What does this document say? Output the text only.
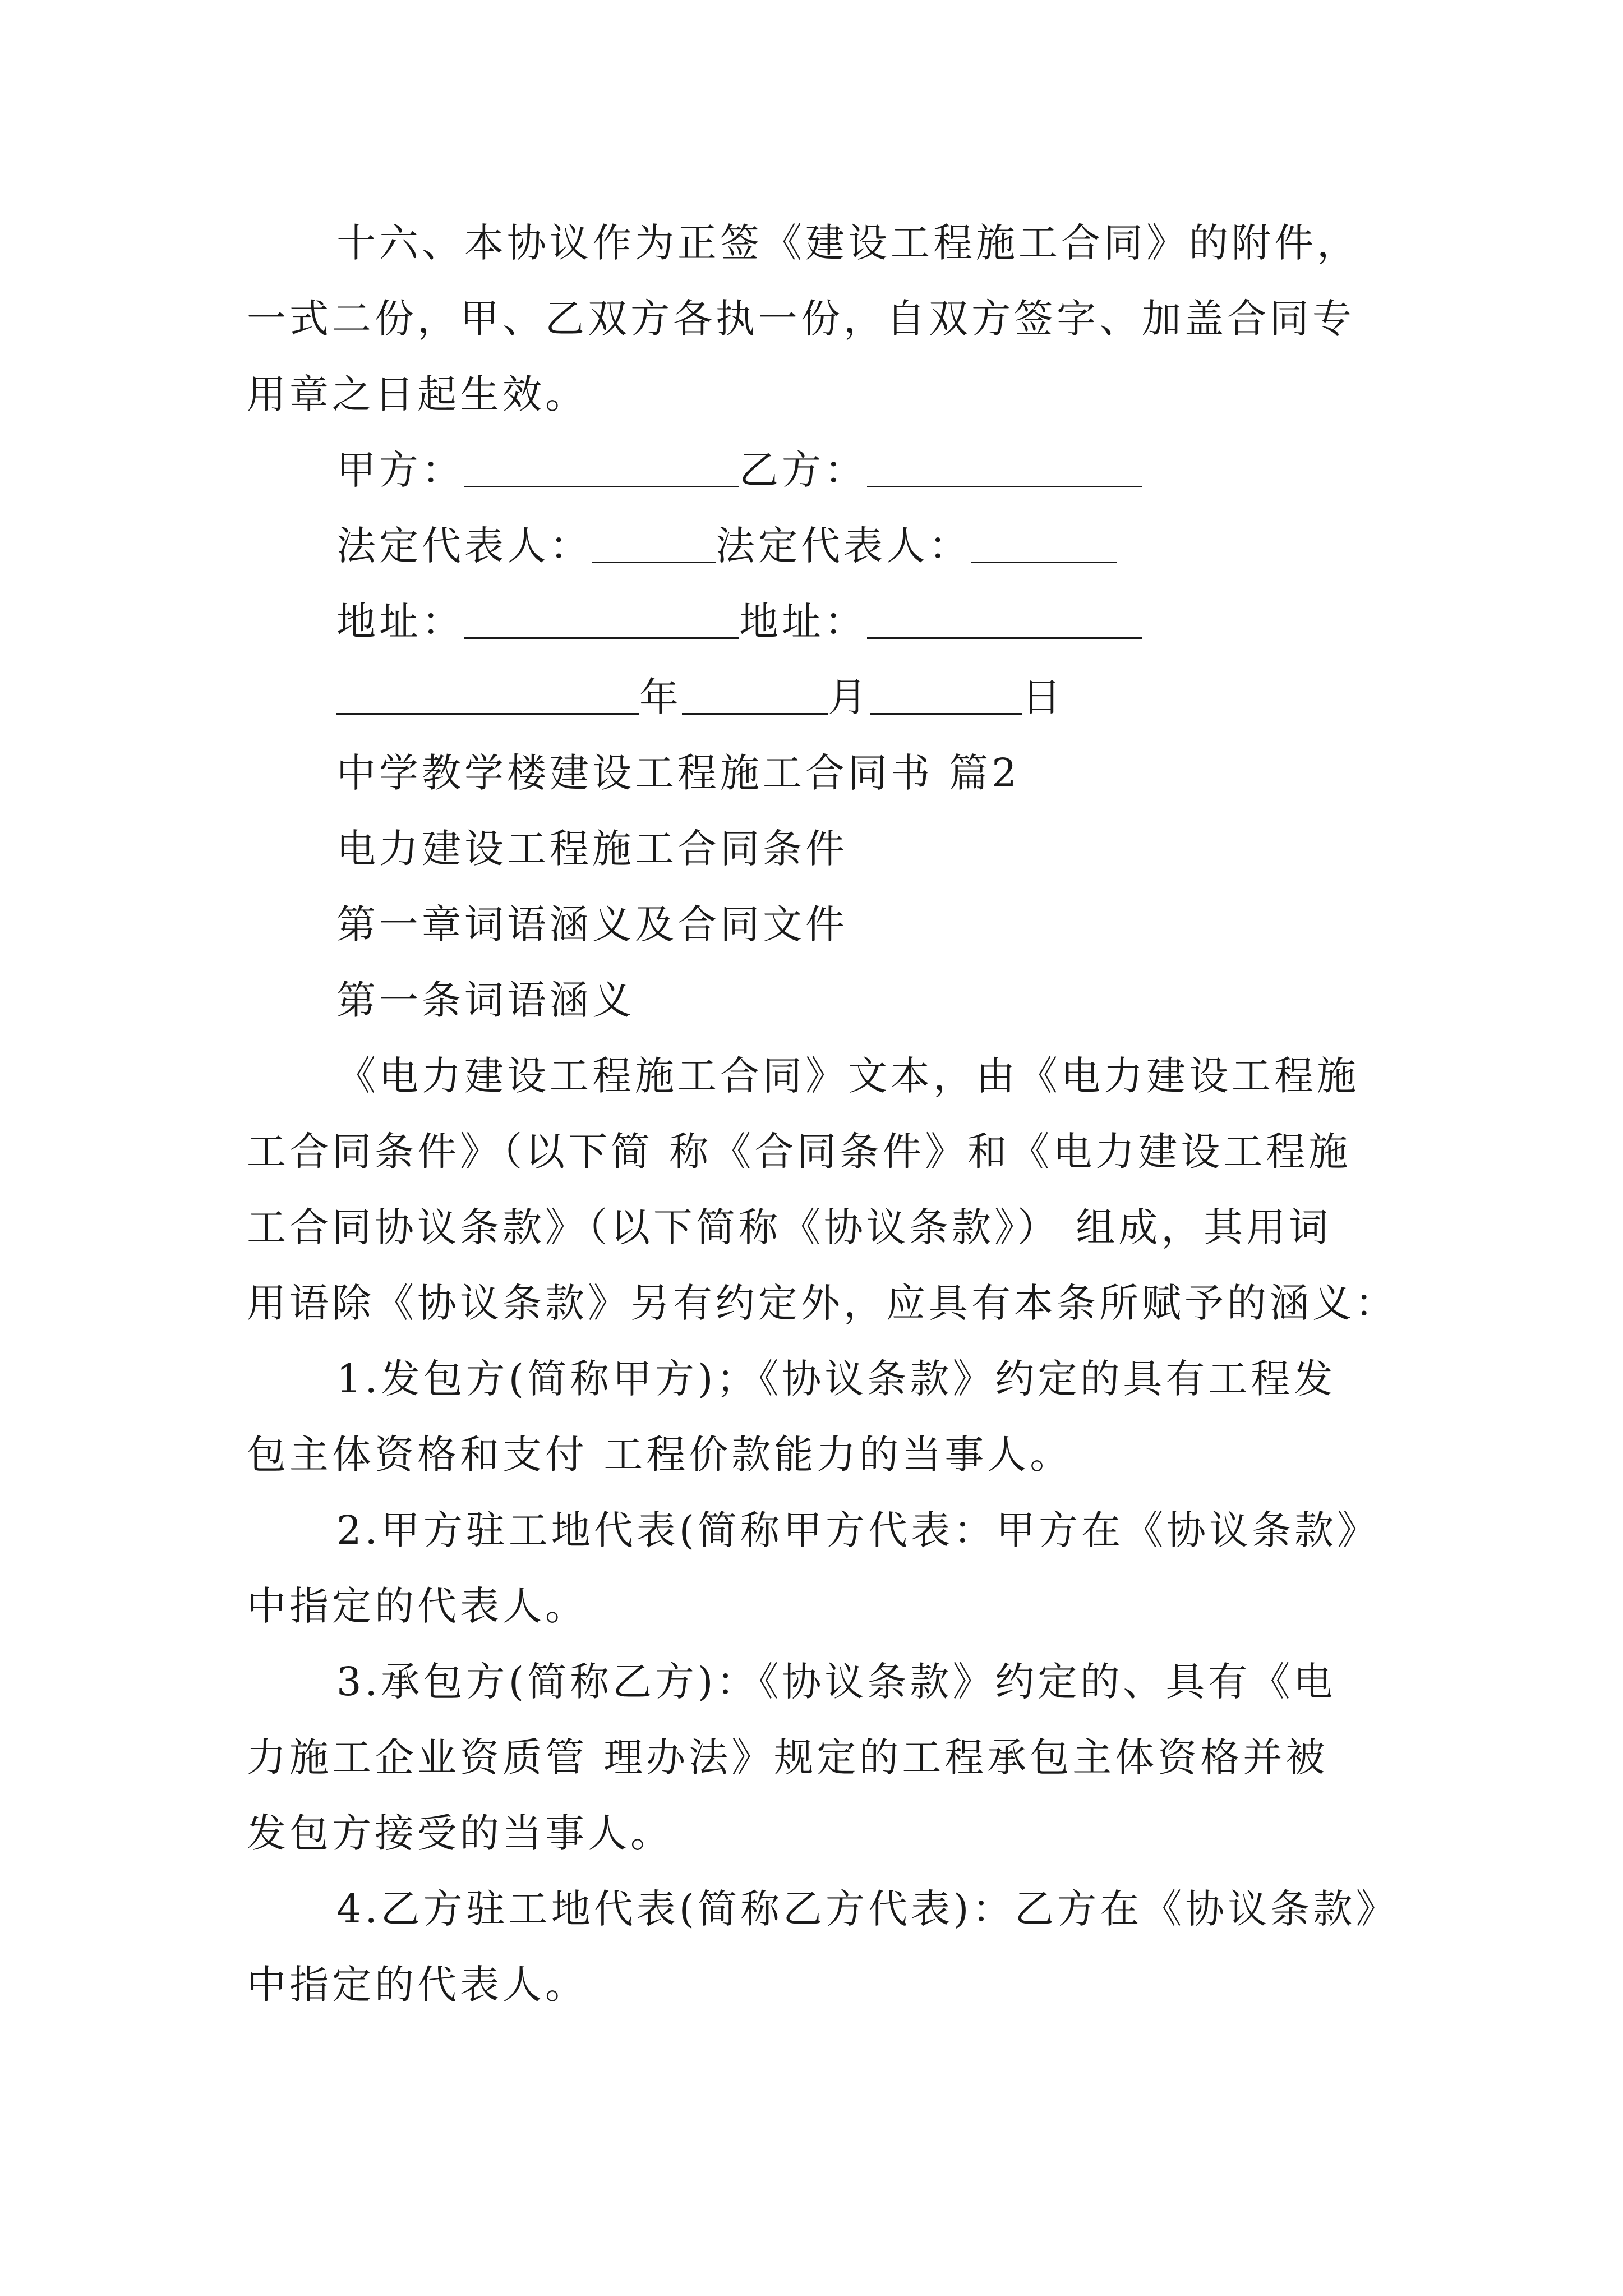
十六、本协议作为正签《建设工程施工合同》的附件，

一式二份，甲、乙双方各执一份，自双方签字、加盖合同专

用章之日起生效。

甲方：	乙方：
法定代表人：	法定代表人：
地址：	地址：
年	月	日

中学教学楼建设工程施工合同书 篇2

电力建设工程施工合同条件

第一章词语涵义及合同文件

第一条词语涵义

《电力建设工程施工合同》文本，由《电力建设工程施

工合同条件》（以下简 称《合同条件》和《电力建设工程施

工合同协议条款》（以下简称《协议条款》） 组成，其用词

用语除《协议条款》另有约定外，应具有本条所赋予的涵义：

1.发包方(简称甲方)；《协议条款》约定的具有工程发

包主体资格和支付 工程价款能力的当事人。

2.甲方驻工地代表(简称甲方代表：甲方在《协议条款》

中指定的代表人。

3.承包方(简称乙方)：《协议条款》约定的、具有《电

力施工企业资质管 理办法》规定的工程承包主体资格并被

发包方接受的当事人。

4.乙方驻工地代表(简称乙方代表)：乙方在《协议条款》

中指定的代表人。
